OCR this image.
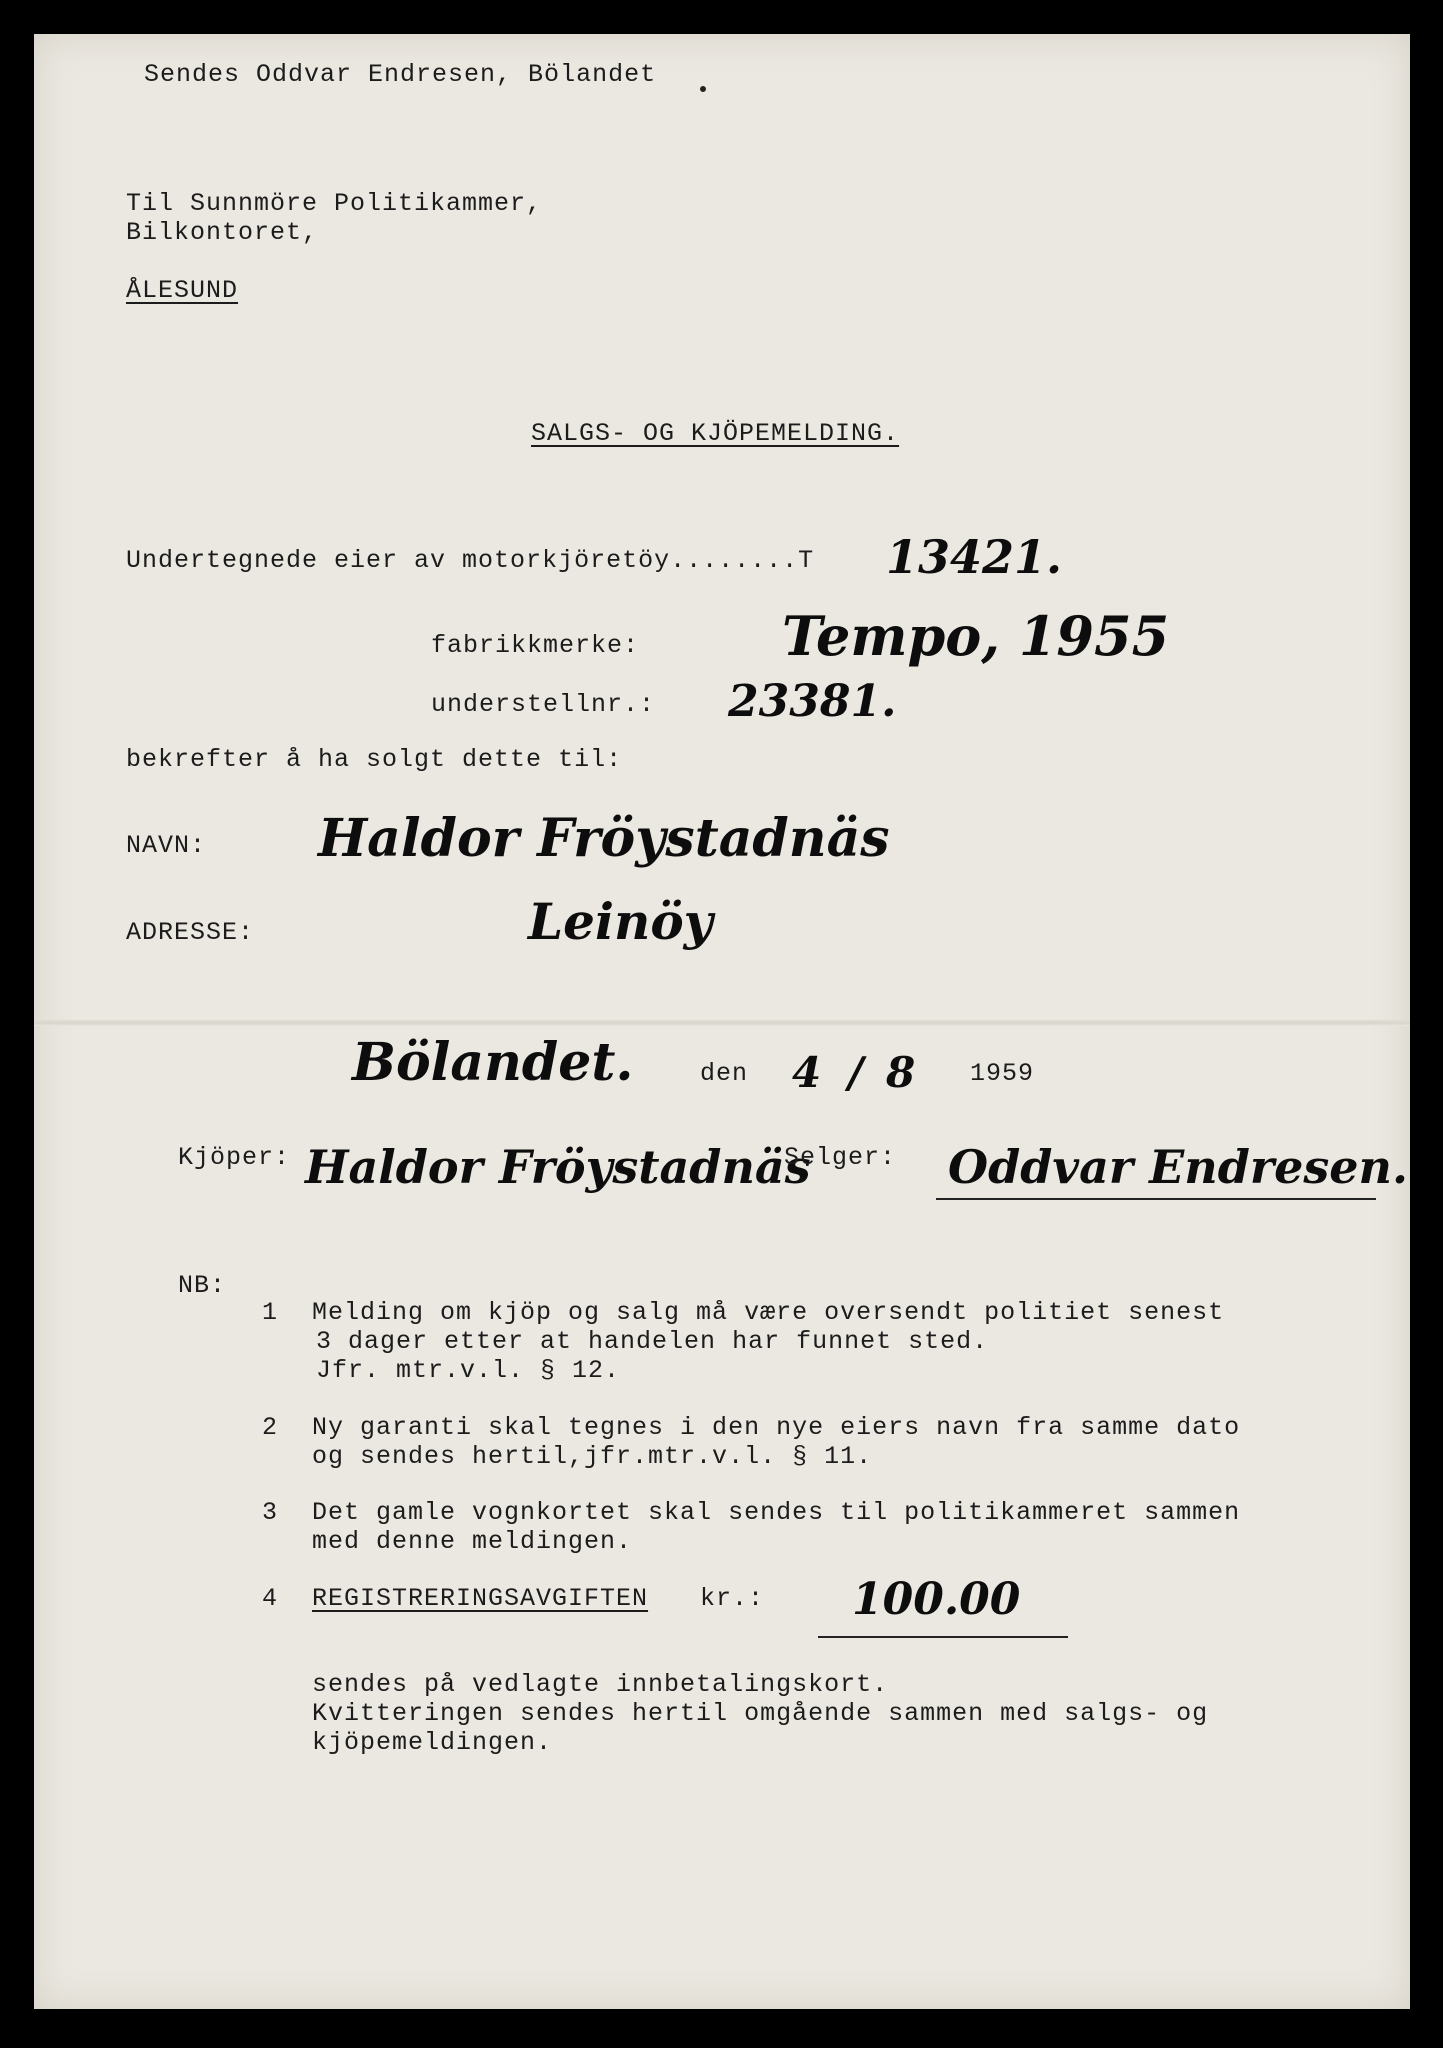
Sendes Oddvar Endresen, Bölandet
Til Sunnmöre Politikammer,
Bilkontoret,
ÅLESUND
SALGS- OG KJÖPEMELDING.
Undertegnede eier av motorkjöretöy........T 13421.
fabrikkmerke:	Tempo, 1955
understellnr.: 23381.
bekrefter å ha solgt dette til:
NAVN: Haldor Fröystadnäs
ADRESSE:	Leinöy
Bölandet.	den 4 / 8 1959
Kjöper: Haldor Fröystadnäs
Selger: Oddvar Endresen.
NB:
1 Melding om kjöp og salg må være oversendt politiet senest
3 dager etter at handelen har funnet sted.
Jfr. mtr.v.l. § 12.
2 Ny garanti skal tegnes i den nye eiers navn fra samme dato
og sendes hertil,jfr.mtr.v.l. § 11.
3 Det gamle vognkortet skal sendes til politikammeret sammen
med denne meldingen.
4 REGISTRERINGSAVGIFTEN kr.: 100.00
sendes på vedlagte innbetalingskort.
Kvitteringen sendes hertil omgående sammen med salgs- og
kjöpemeldingen.
